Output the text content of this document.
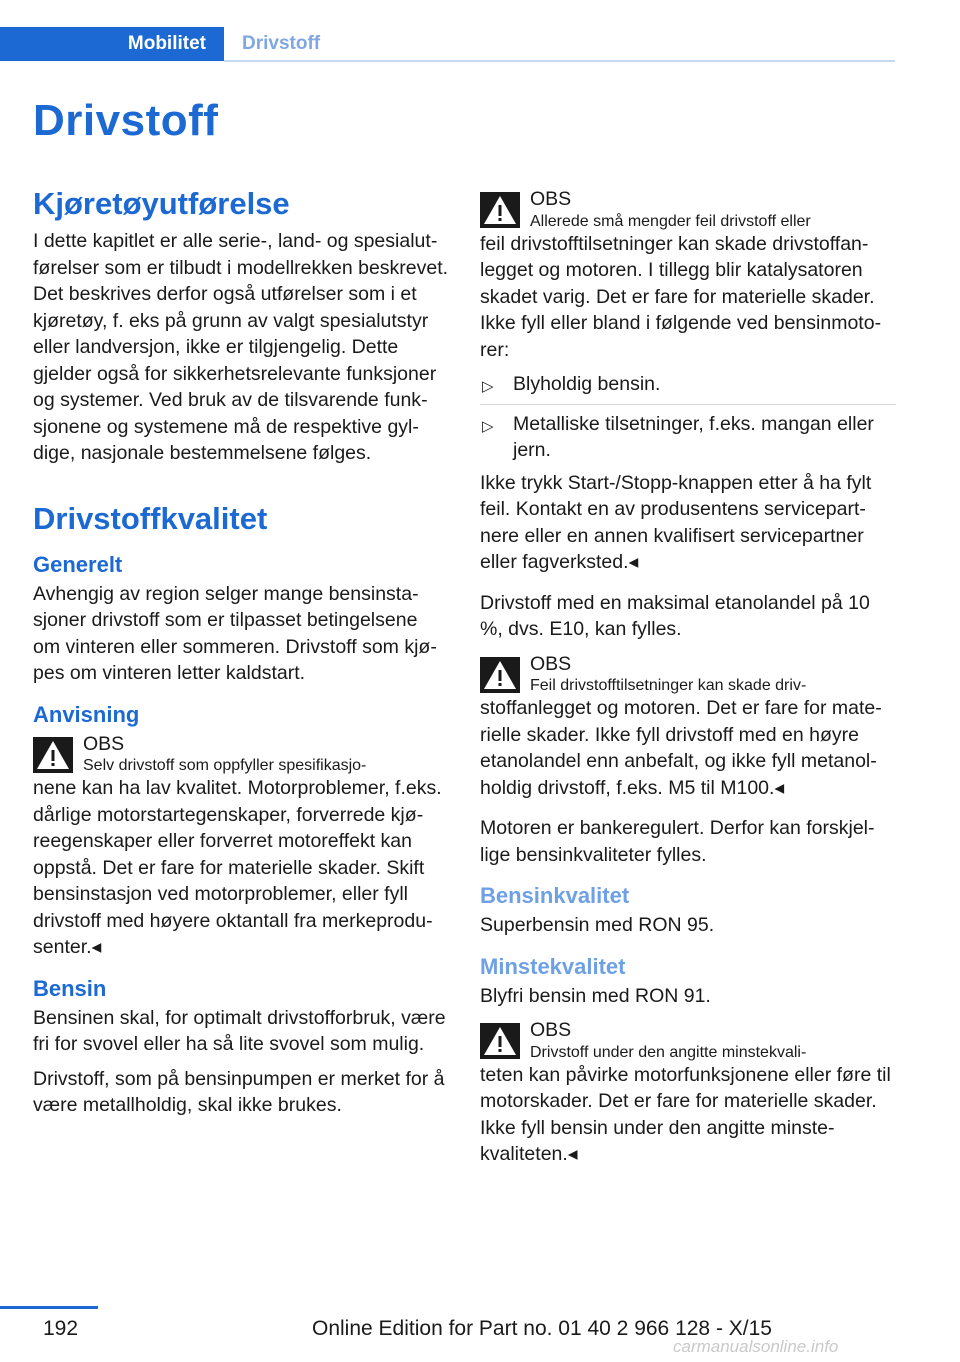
Mobilitet	Drivstoff
Drivstoff
Kjøretøyutførelse

I dette kapitlet er alle serie-, land- og spesialutførelser som er tilbudt i modellrekken beskrevet. Det beskrives derfor også utførelser som i et kjøretøy, f. eks på grunn av valgt spesialutstyr eller landversjon, ikke er tilgjengelig. Dette gjelder også for sikkerhetsrelevante funksjoner og systemer. Ved bruk av de tilsvarende funksjonene og systemene må de respektive gyldige, nasjonale bestemmelsene følges.

Drivstoffkvalitet
Generelt

Avhengig av region selger mange bensinstasjoner drivstoff som er tilpasset betingelsene om vinteren eller sommeren. Drivstoff som kjøpes om vinteren letter kaldstart.

Anvisning
OBS
Selv drivstoff som oppfyller spesifikasjo-

nene kan ha lav kvalitet. Motorproblemer, f.eks. dårlige motorstartegenskaper, forverrede kjøreegenskaper eller forverret motoreffekt kan oppstå. Det er fare for materielle skader. Skift bensinstasjon ved motorproblemer, eller fyll drivstoff med høyere oktantall fra merkeprodusenter.◂

Bensin

Bensinen skal, for optimalt drivstofforbruk, være fri for svovel eller ha så lite svovel som mulig.

Drivstoff, som på bensinpumpen er merket for å være metallholdig, skal ikke brukes.

OBS
Allerede små mengder feil drivstoff eller

feil drivstofftilsetninger kan skade drivstoffanlegget og motoren. I tillegg blir katalysatoren skadet varig. Det er fare for materielle skader. Ikke fyll eller bland i følgende ved bensinmotorer:

▷ Blyholdig bensin.
▷ Metalliske tilsetninger, f.eks. mangan eller jern.

Ikke trykk Start-/Stopp-knappen etter å ha fylt feil. Kontakt en av produsentens servicepartnere eller en annen kvalifisert servicepartner eller fagverksted.◂

Drivstoff med en maksimal etanolandel på 10 %, dvs. E10, kan fylles.

OBS
Feil drivstofftilsetninger kan skade driv-

stoffanlegget og motoren. Det er fare for materielle skader. Ikke fyll drivstoff med en høyre etanolandel enn anbefalt, og ikke fyll metanolholdig drivstoff, f.eks. M5 til M100.◂

Motoren er bankeregulert. Derfor kan forskjellige bensinkvaliteter fylles.

Bensinkvalitet

Superbensin med RON 95.

Minstekvalitet

Blyfri bensin med RON 91.

OBS
Drivstoff under den angitte minstekvali-

teten kan påvirke motorfunksjonene eller føre til motorskader. Det er fare for materielle skader. Ikke fyll bensin under den angitte minstekvaliteten.◂

192	Online Edition for Part no. 01 40 2 966 128 - X/15
carmanualsonline.info
